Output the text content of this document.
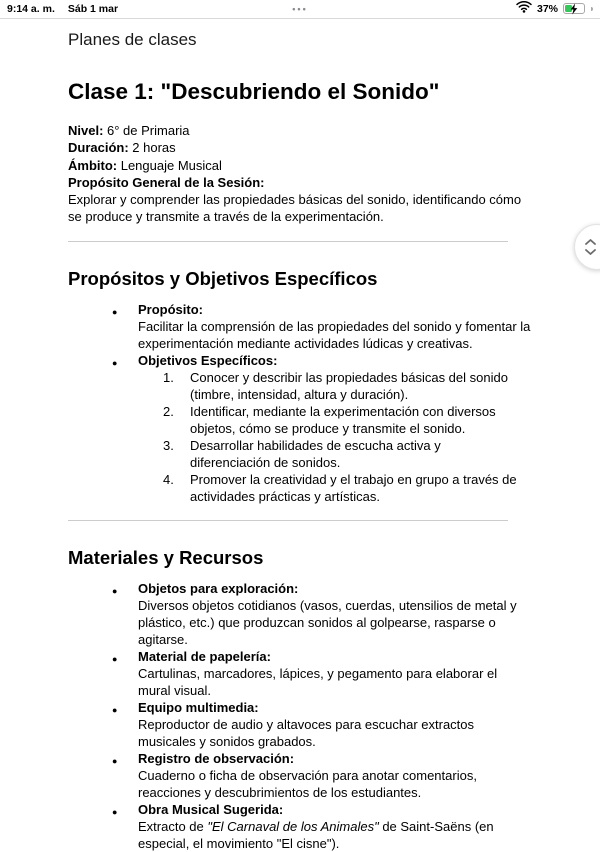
9:14 a. m. Sáb 1 mar	•••	37%
Planes de clases
Clase 1: "Descubriendo el Sonido"
Nivel: 6° de Primaria
Duración: 2 horas
Ámbito: Lenguaje Musical
Propósito General de la Sesión:
Explorar y comprender las propiedades básicas del sonido, identificando cómo se produce y transmite a través de la experimentación.
Propósitos y Objetivos Específicos
● Propósito:
Facilitar la comprensión de las propiedades del sonido y fomentar la experimentación mediante actividades lúdicas y creativas.
● Objetivos Específicos:
1. Conocer y describir las propiedades básicas del sonido (timbre, intensidad, altura y duración).
2. Identificar, mediante la experimentación con diversos objetos, cómo se produce y transmite el sonido.
3. Desarrollar habilidades de escucha activa y diferenciación de sonidos.
4. Promover la creatividad y el trabajo en grupo a través de actividades prácticas y artísticas.
Materiales y Recursos
● Objetos para exploración:
Diversos objetos cotidianos (vasos, cuerdas, utensilios de metal y plástico, etc.) que produzcan sonidos al golpearse, rasparse o agitarse.
● Material de papelería:
Cartulinas, marcadores, lápices, y pegamento para elaborar el mural visual.
● Equipo multimedia:
Reproductor de audio y altavoces para escuchar extractos musicales y sonidos grabados.
● Registro de observación:
Cuaderno o ficha de observación para anotar comentarios, reacciones y descubrimientos de los estudiantes.
● Obra Musical Sugerida:
Extracto de "El Carnaval de los Animales" de Saint-Saëns (en especial, el movimiento "El cisne").
